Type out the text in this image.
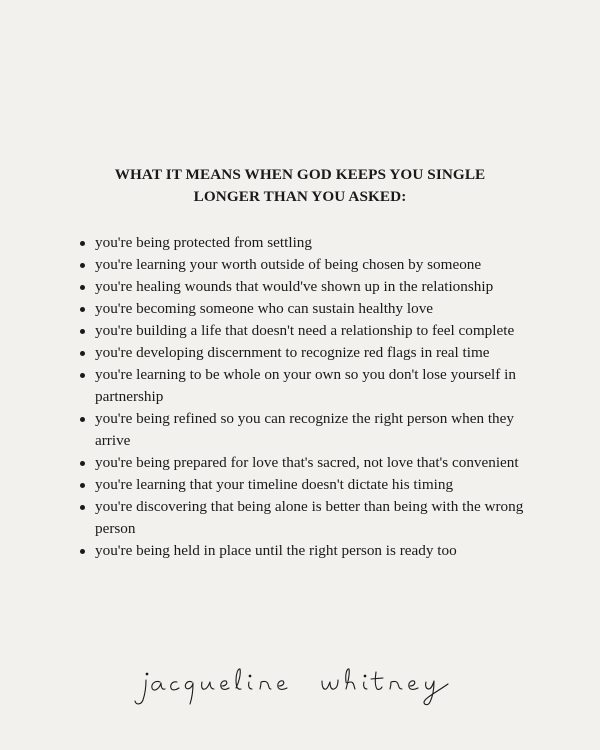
WHAT IT MEANS WHEN GOD KEEPS YOU SINGLE
LONGER THAN YOU ASKED:
you're being protected from settling
you're learning your worth outside of being chosen by someone
you're healing wounds that would've shown up in the relationship
you're becoming someone who can sustain healthy love
you're building a life that doesn't need a relationship to feel complete
you're developing discernment to recognize red flags in real time
you're learning to be whole on your own so you don't lose yourself in partnership
you're being refined so you can recognize the right person when they arrive
you're being prepared for love that's sacred, not love that's convenient
you're learning that your timeline doesn't dictate his timing
you're discovering that being alone is better than being with the wrong person
you're being held in place until the right person is ready too
